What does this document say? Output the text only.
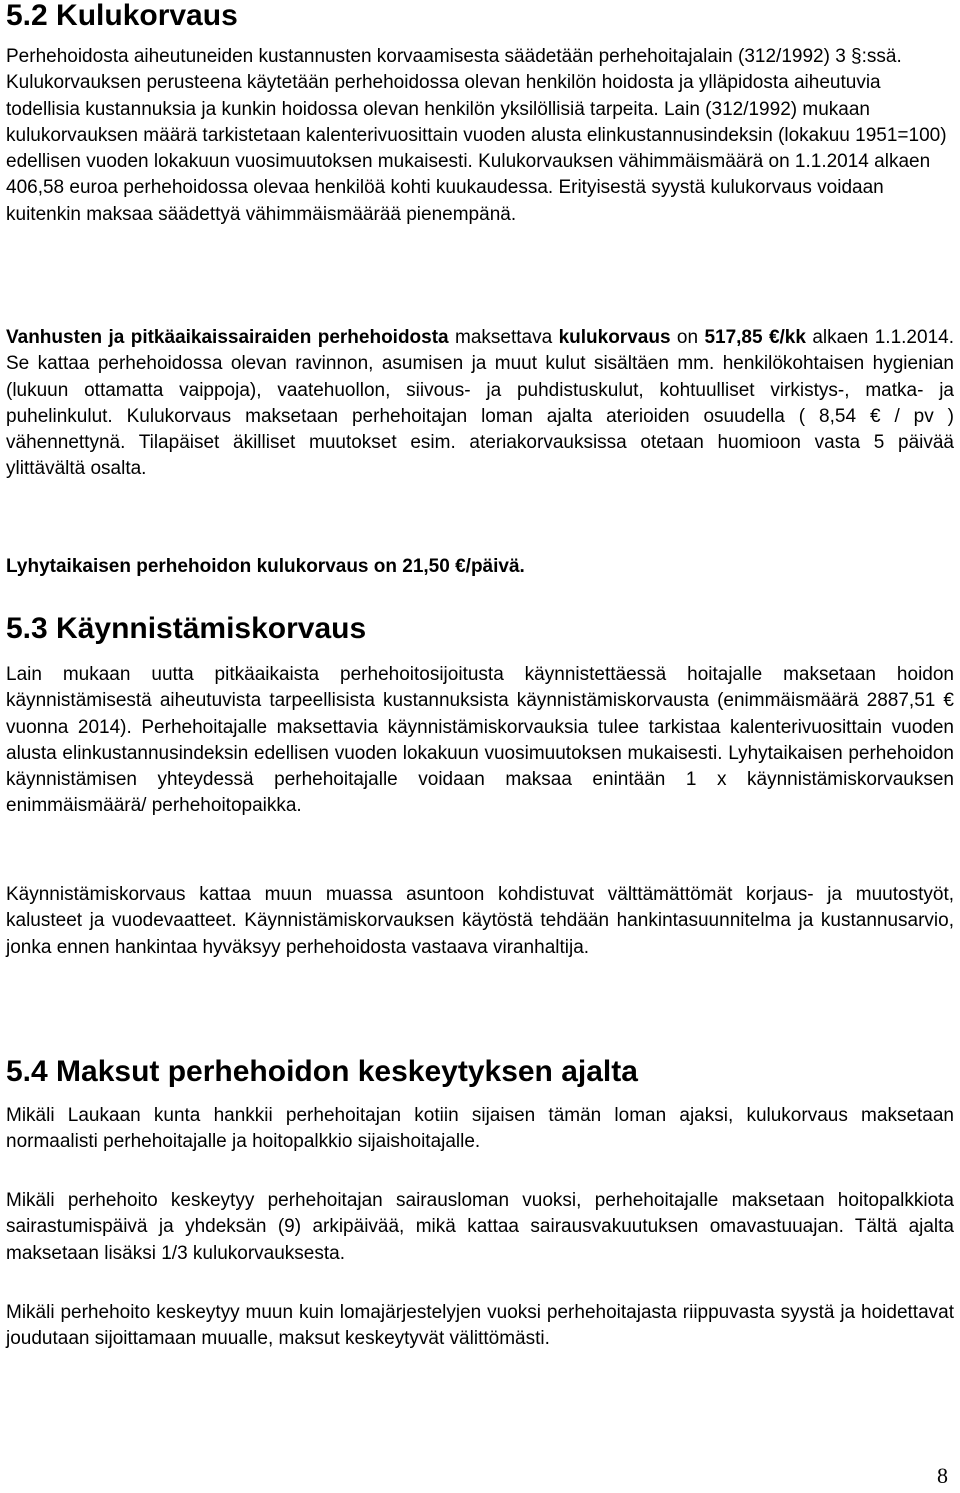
5.2 Kulukorvaus

Perhehoidosta aiheutuneiden kustannusten korvaamisesta säädetään perhehoitajalain (312/1992) 3 §:ssä. Kulukorvauksen perusteena käytetään perhehoidossa olevan henkilön hoidosta ja ylläpidosta aiheutuvia todellisia kustannuksia ja kunkin hoidossa olevan henkilön yksilöllisiä tarpeita. Lain (312/1992) mukaan kulukorvauksen määrä tarkistetaan kalenterivuosittain vuoden alusta elinkustannusindeksin (lokakuu 1951=100) edellisen vuoden lokakuun vuosimuutoksen mukaisesti. Kulukorvauksen vähimmäismäärä on 1.1.2014 alkaen 406,58 euroa perhehoidossa olevaa henkilöä kohti kuukaudessa. Erityisestä syystä kulukorvaus voidaan kuitenkin maksaa säädettyä vähimmäismäärää pienempänä.

Vanhusten ja pitkäaikaissairaiden perhehoidosta maksettava kulukorvaus on 517,85 €/kk alkaen 1.1.2014. Se kattaa perhehoidossa olevan ravinnon, asumisen ja muut kulut sisältäen mm. henkilökohtaisen hygienian (lukuun ottamatta vaippoja), vaatehuollon, siivous- ja puhdistuskulut, kohtuulliset virkistys-, matka- ja puhelinkulut. Kulukorvaus maksetaan perhehoitajan loman ajalta aterioiden osuudella ( 8,54 € / pv ) vähennettynä. Tilapäiset äkilliset muutokset esim. ateriakorvauksissa otetaan huomioon vasta 5 päivää ylittävältä osalta.

Lyhytaikaisen perhehoidon kulukorvaus on 21,50 €/päivä.

5.3 Käynnistämiskorvaus

Lain mukaan uutta pitkäaikaista perhehoitosijoitusta käynnistettäessä hoitajalle maksetaan hoidon käynnistämisestä aiheutuvista tarpeellisista kustannuksista käynnistämiskorvausta (enimmäismäärä 2887,51 € vuonna 2014). Perhehoitajalle maksettavia käynnistämiskorvauksia tulee tarkistaa kalenterivuosittain vuoden alusta elinkustannusindeksin edellisen vuoden lokakuun vuosimuutoksen mukaisesti. Lyhytaikaisen perhehoidon käynnistämisen yhteydessä perhehoitajalle voidaan maksaa enintään 1 x käynnistämiskorvauksen enimmäismäärä/ perhehoitopaikka.

Käynnistämiskorvaus kattaa muun muassa asuntoon kohdistuvat välttämättömät korjaus- ja muutostyöt, kalusteet ja vuodevaatteet. Käynnistämiskorvauksen käytöstä tehdään hankintasuunnitelma ja kustannusarvio, jonka ennen hankintaa hyväksyy perhehoidosta vastaava viranhaltija.

5.4 Maksut perhehoidon keskeytyksen ajalta

Mikäli Laukaan kunta hankkii perhehoitajan kotiin sijaisen tämän loman ajaksi, kulukorvaus maksetaan normaalisti perhehoitajalle ja hoitopalkkio sijaishoitajalle.

Mikäli perhehoito keskeytyy perhehoitajan sairausloman vuoksi, perhehoitajalle maksetaan hoitopalkkiota sairastumispäivä ja yhdeksän (9) arkipäivää, mikä kattaa sairausvakuutuksen omavastuuajan. Tältä ajalta maksetaan lisäksi 1/3 kulukorvauksesta.

Mikäli perhehoito keskeytyy muun kuin lomajärjestelyjen vuoksi perhehoitajasta riippuvasta syystä ja hoidettavat joudutaan sijoittamaan muualle, maksut keskeytyvät välittömästi.

8
